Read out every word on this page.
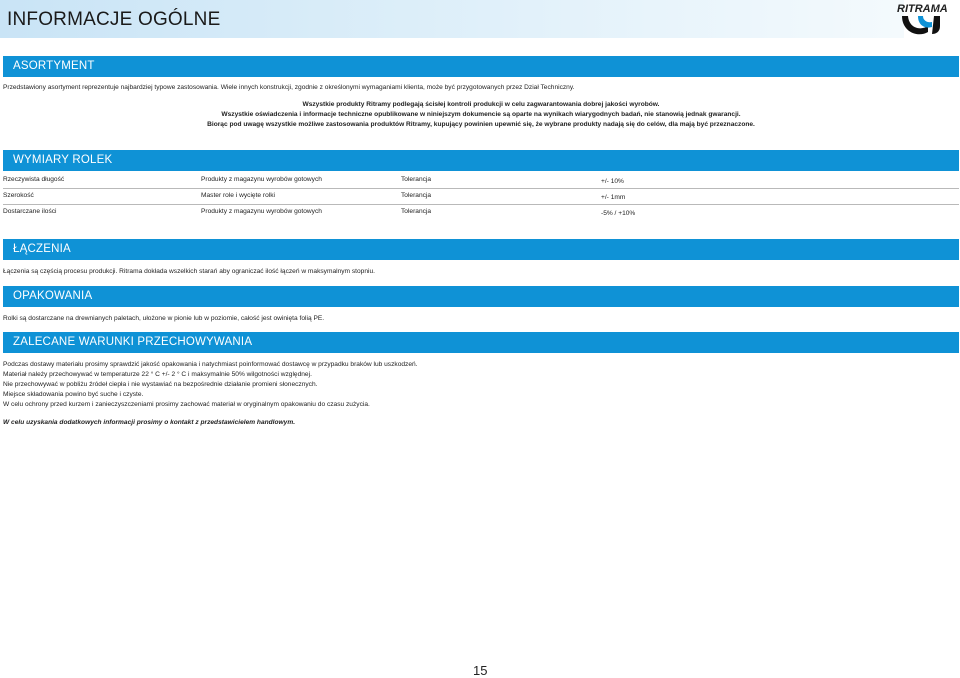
INFORMACJE OGÓLNE	RITRAMA
ASORTYMENT
Przedstawiony asortyment reprezentuje najbardziej typowe zastosowania. Wiele innych konstrukcji, zgodnie z określonymi wymaganiami klienta, może być przygotowanych przez Dział Techniczny.
Wszystkie produkty Ritramy podlegają ścisłej kontroli produkcji w celu zagwarantowania dobrej jakości wyrobów.
Wszystkie oświadczenia i informacje techniczne opublikowane w niniejszym dokumencie są oparte na wynikach wiarygodnych badań, nie stanowią jednak gwarancji.
Biorąc pod uwagę wszystkie możliwe zastosowania produktów Ritramy, kupujący powinien upewnić się, że wybrane produkty nadają się do celów, dla mają być przeznaczone.
WYMIARY ROLEK
Rzeczywista długość	Produkty z magazynu wyrobów gotowych	Tolerancja	+/- 10%
Szerokość	Master role i wycięte rolki	Tolerancja	+/- 1mm
Dostarczane ilości	Produkty z magazynu wyrobów gotowych	Tolerancja	-5% / +10%
ŁĄCZENIA
Łączenia są częścią procesu produkcji. Ritrama dokłada wszelkich starań aby ograniczać ilość łączeń w maksymalnym stopniu.
OPAKOWANIA
Rolki są dostarczane na drewnianych paletach, ułożone w pionie lub w poziomie, całość jest owinięta folią PE.
ZALECANE WARUNKI PRZECHOWYWANIA
Podczas dostawy materiału prosimy sprawdzić jakość opakowania i natychmiast poinformować dostawcę w przypadku braków lub uszkodzeń.
Materiał należy przechowywać w temperaturze 22 ° C +/- 2 ° C i maksymalnie 50% wilgotności względnej.
Nie przechowywać w pobliżu źródeł ciepła i nie wystawiać na bezpośrednie działanie promieni słonecznych.
Miejsce składowania powino być suche i czyste.
W celu ochrony przed kurzem i zanieczyszczeniami prosimy zachować materiał w oryginalnym opakowaniu do czasu zużycia.
W celu uzyskania dodatkowych informacji prosimy o kontakt z przedstawicielem handlowym.
15
